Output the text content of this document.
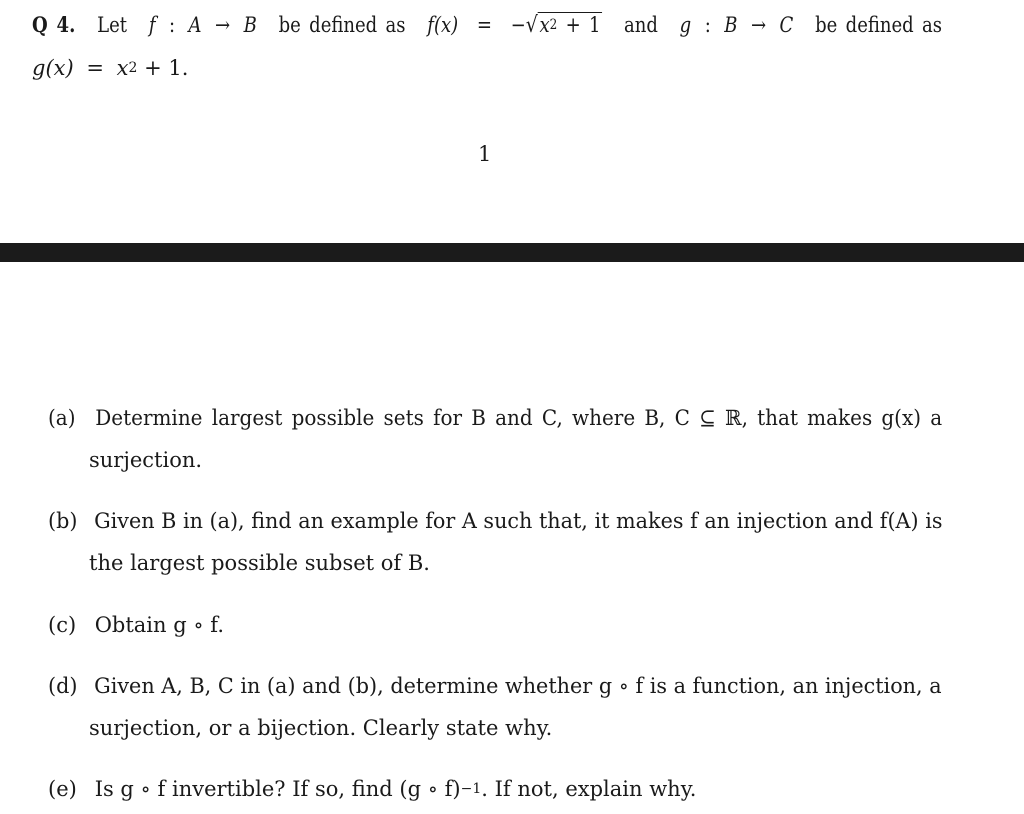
Q 4. Let f : A → B be defined as $f(x) = -√x^2 + 1$ and g : B → C be defined as
$g(x) = x^2 + 1$.
1
(a) Determine largest possible sets for B and C, where B, C ⊆ ℝ, that makes g(x) a
surjection.
(b) Given B in (a), find an example for A such that, it makes f an injection and f(A) is
the largest possible subset of B.
(c) Obtain g ∘ f.
(d) Given A, B, C in (a) and (b), determine whether g ∘ f is a function, an injection, a
surjection, or a bijection. Clearly state why.
(e) Is g ∘ f invertible? If so, find (g ∘ f)$^{-1}$. If not, explain why.
